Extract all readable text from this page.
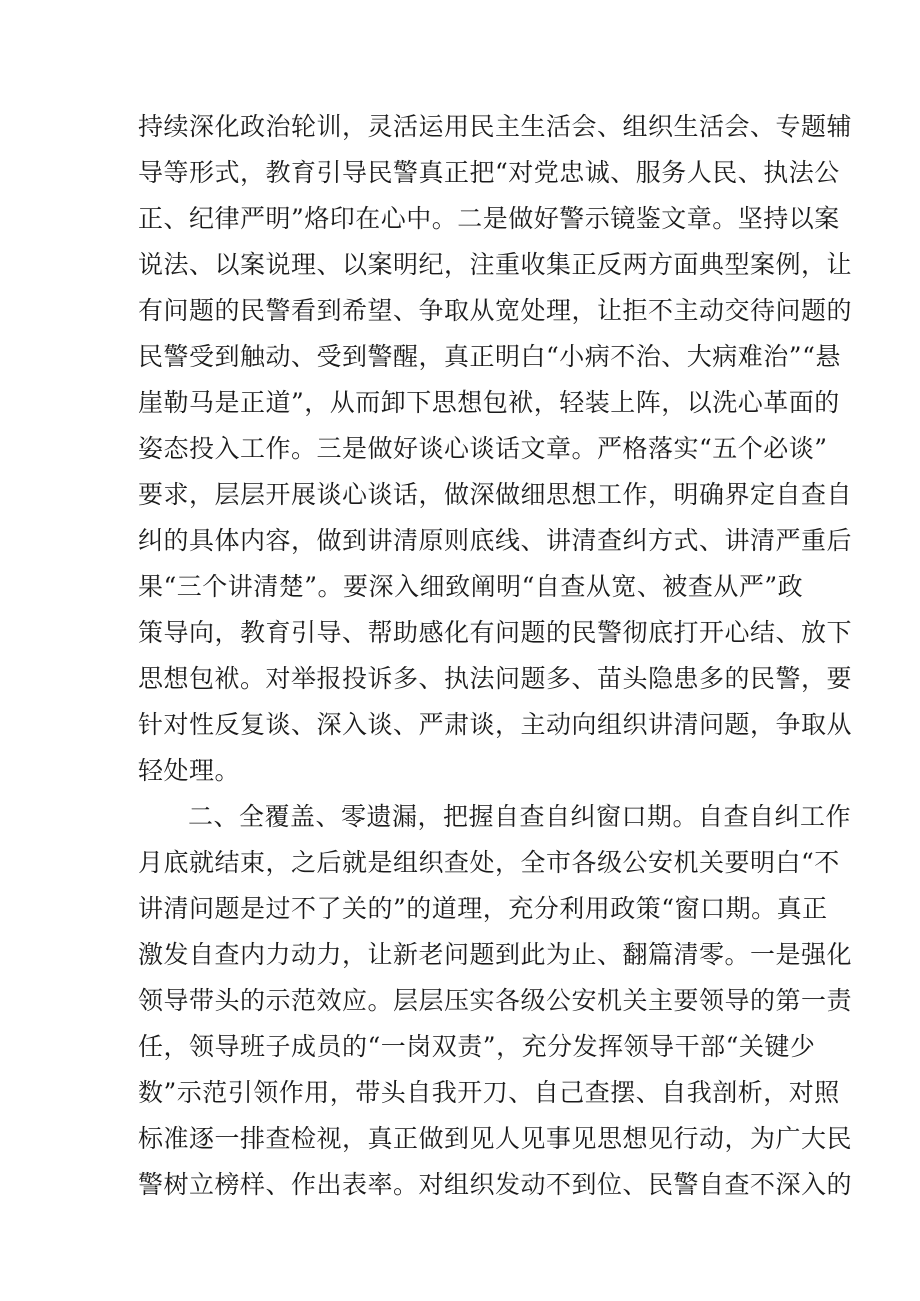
持续深化政治轮训，灵活运用民主生活会、组织生活会、专题辅
导等形式，教育引导民警真正把“对党忠诚、服务人民、执法公
正、纪律严明”烙印在心中。二是做好警示镜鉴文章。坚持以案
说法、以案说理、以案明纪，注重收集正反两方面典型案例，让
有问题的民警看到希望、争取从宽处理，让拒不主动交待问题的
民警受到触动、受到警醒，真正明白“小病不治、大病难治”“悬
崖勒马是正道”，从而卸下思想包袱，轻装上阵，以洗心革面的
姿态投入工作。三是做好谈心谈话文章。严格落实“五个必谈”
要求，层层开展谈心谈话，做深做细思想工作，明确界定自查自
纠的具体内容，做到讲清原则底线、讲清查纠方式、讲清严重后
果“三个讲清楚”。要深入细致阐明“自查从宽、被查从严”政
策导向，教育引导、帮助感化有问题的民警彻底打开心结、放下
思想包袱。对举报投诉多、执法问题多、苗头隐患多的民警，要
针对性反复谈、深入谈、严肃谈，主动向组织讲清问题，争取从
轻处理。
二、全覆盖、零遗漏，把握自查自纠窗口期。自查自纠工作
月底就结束，之后就是组织查处，全市各级公安机关要明白“不
讲清问题是过不了关的”的道理，充分利用政策“窗口期。真正
激发自查内力动力，让新老问题到此为止、翻篇清零。一是强化
领导带头的示范效应。层层压实各级公安机关主要领导的第一责
任，领导班子成员的“一岗双责”，充分发挥领导干部“关键少
数”示范引领作用，带头自我开刀、自己查摆、自我剖析，对照
标准逐一排查检视，真正做到见人见事见思想见行动，为广大民
警树立榜样、作出表率。对组织发动不到位、民警自查不深入的
